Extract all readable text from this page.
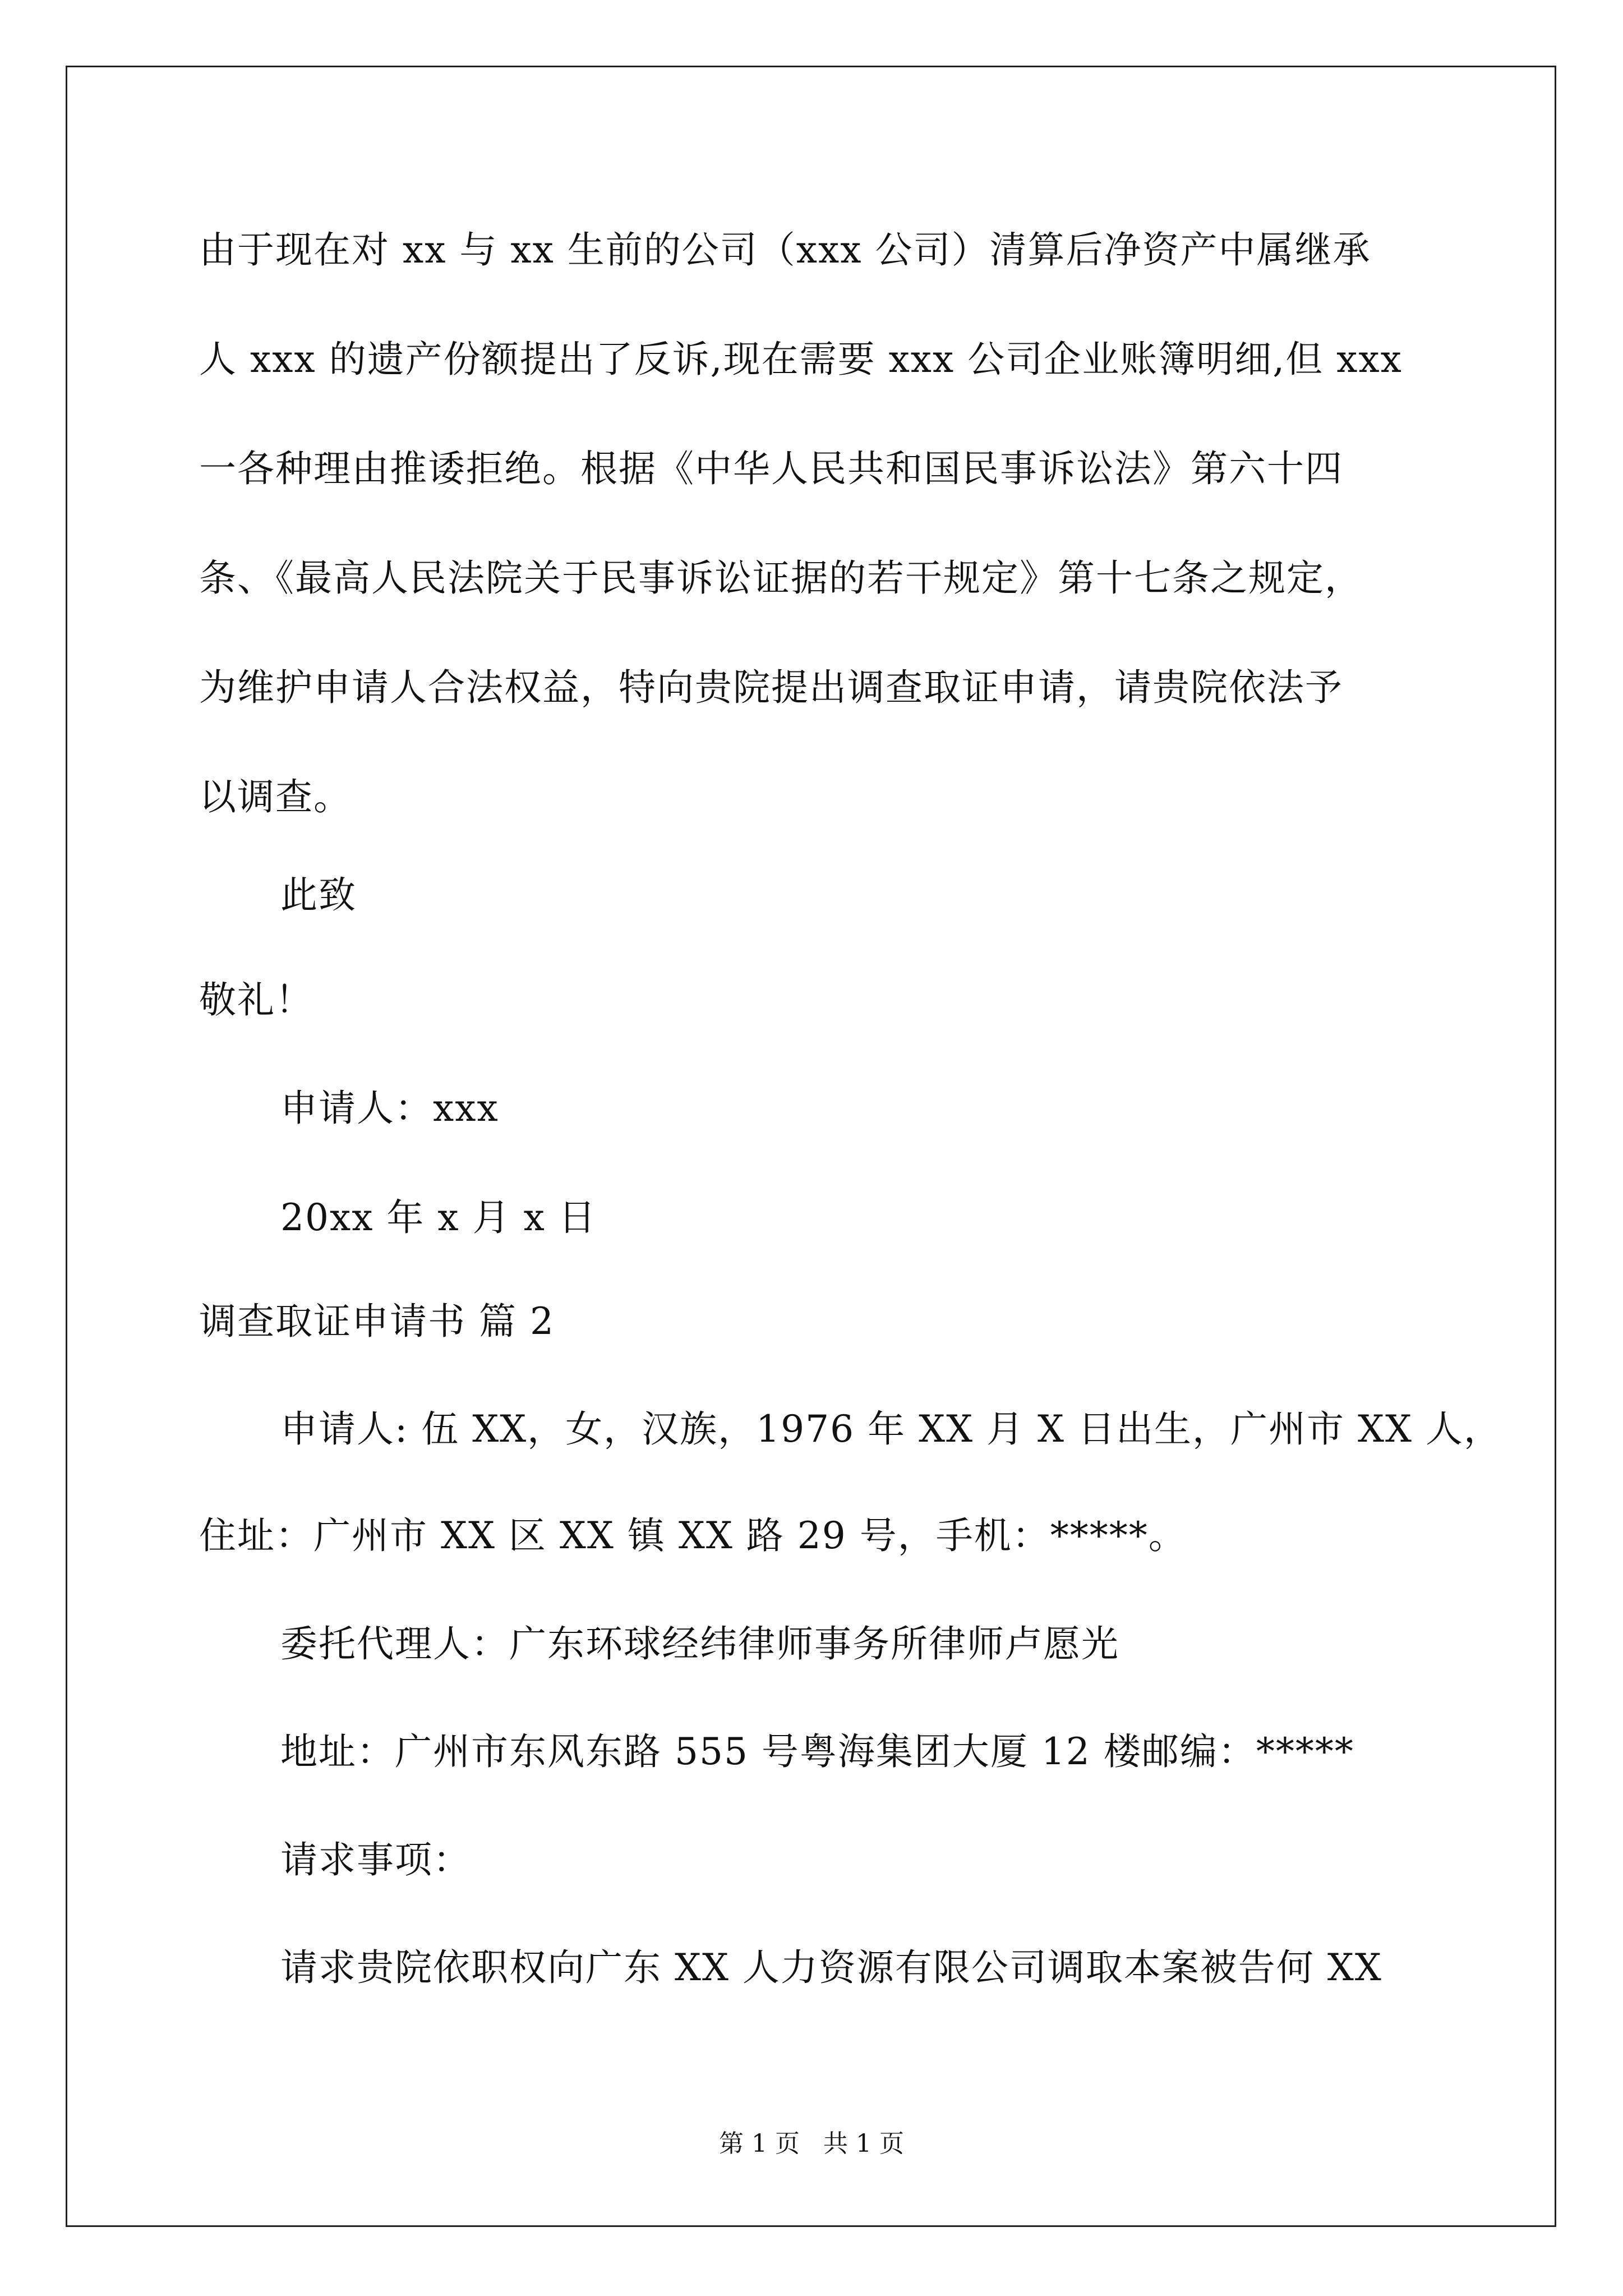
由于现在对 xx 与 xx 生前的公司（xxx 公司）清算后净资产中属继承
人 xxx 的遗产份额提出了反诉,现在需要 xxx 公司企业账簿明细,但 xxx
一各种理由推诿拒绝。根据《中华人民共和国民事诉讼法》第六十四
条、《最高人民法院关于民事诉讼证据的若干规定》第十七条之规定，
为维护申请人合法权益，特向贵院提出调查取证申请，请贵院依法予
以调查。
此致
敬礼！
申请人：xxx
20xx 年 x 月 x 日
调查取证申请书 篇 2
申请人: 伍 XX，女，汉族，1976 年 XX 月 X 日出生，广州市 XX 人，
住址：广州市 XX 区 XX 镇 XX 路 29 号，手机：*****。
委托代理人：广东环球经纬律师事务所律师卢愿光
地址：广州市东风东路 555 号粤海集团大厦 12 楼邮编：*****
请求事项：
请求贵院依职权向广东 XX 人力资源有限公司调取本案被告何 XX
第 1 页   共 1 页
